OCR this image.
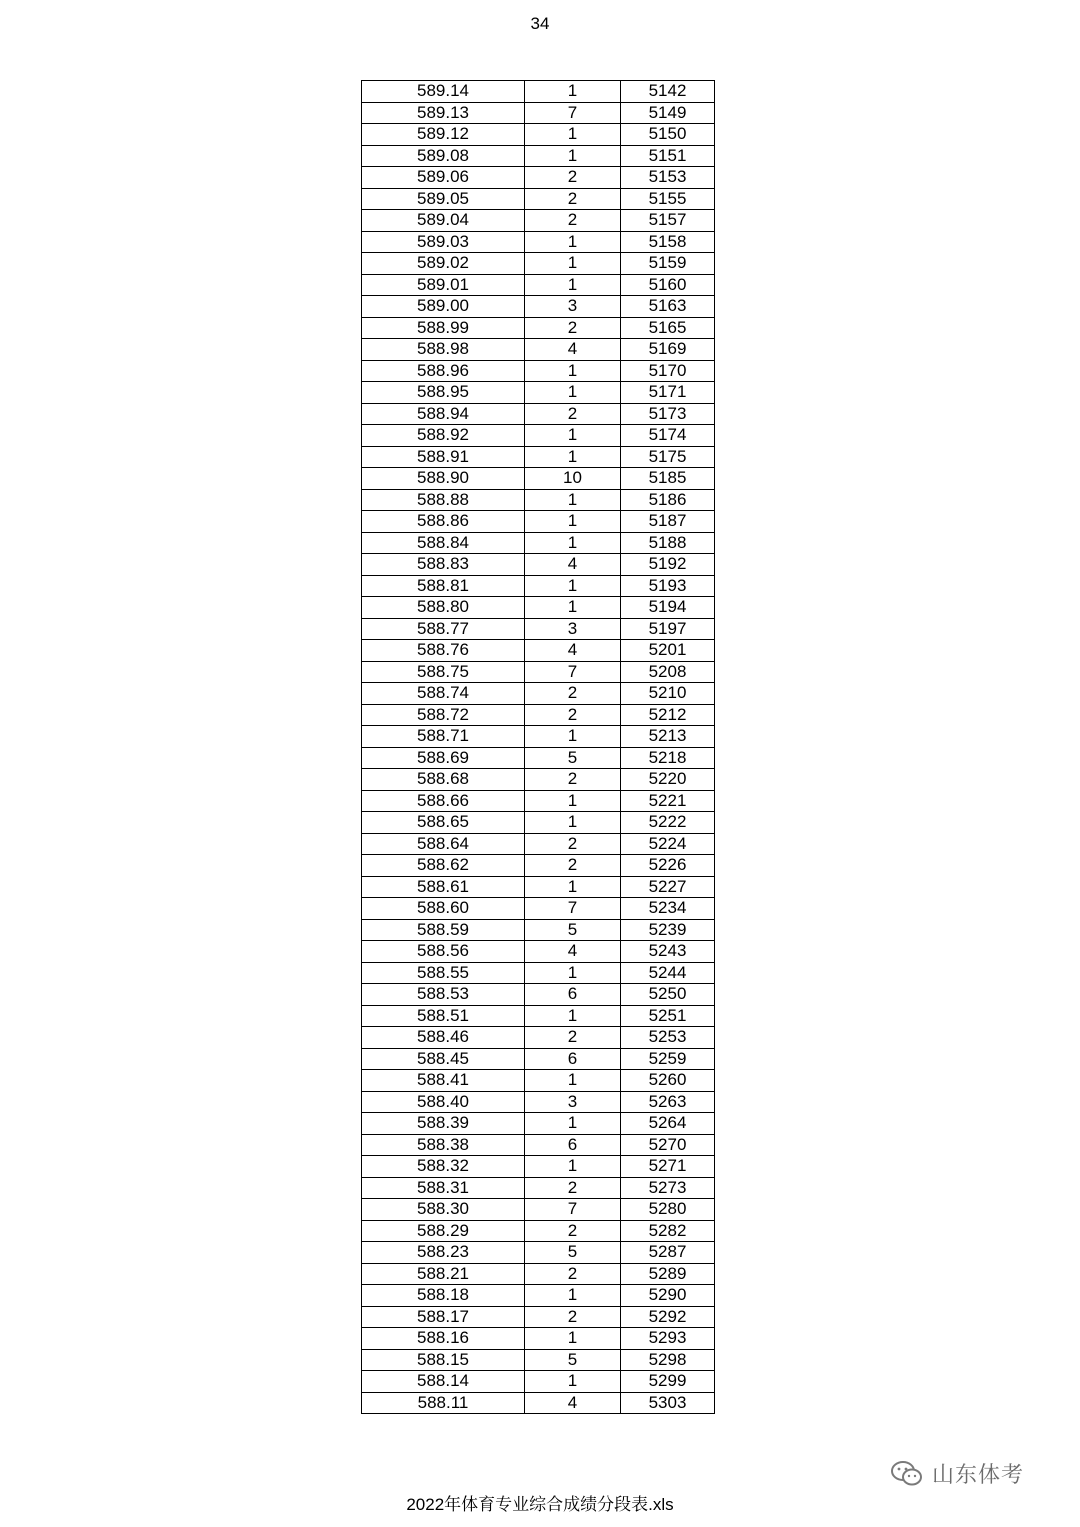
34
589.14	1	5142
589.13	7	5149
589.12	1	5150
589.08	1	5151
589.06	2	5153
589.05	2	5155
589.04	2	5157
589.03	1	5158
589.02	1	5159
589.01	1	5160
589.00	3	5163
588.99	2	5165
588.98	4	5169
588.96	1	5170
588.95	1	5171
588.94	2	5173
588.92	1	5174
588.91	1	5175
588.90	10	5185
588.88	1	5186
588.86	1	5187
588.84	1	5188
588.83	4	5192
588.81	1	5193
588.80	1	5194
588.77	3	5197
588.76	4	5201
588.75	7	5208
588.74	2	5210
588.72	2	5212
588.71	1	5213
588.69	5	5218
588.68	2	5220
588.66	1	5221
588.65	1	5222
588.64	2	5224
588.62	2	5226
588.61	1	5227
588.60	7	5234
588.59	5	5239
588.56	4	5243
588.55	1	5244
588.53	6	5250
588.51	1	5251
588.46	2	5253
588.45	6	5259
588.41	1	5260
588.40	3	5263
588.39	1	5264
588.38	6	5270
588.32	1	5271
588.31	2	5273
588.30	7	5280
588.29	2	5282
588.23	5	5287
588.21	2	5289
588.18	1	5290
588.17	2	5292
588.16	1	5293
588.15	5	5298
588.14	1	5299
588.11	4	5303
山东体考
2022年体育专业综合成绩分段表.xls
